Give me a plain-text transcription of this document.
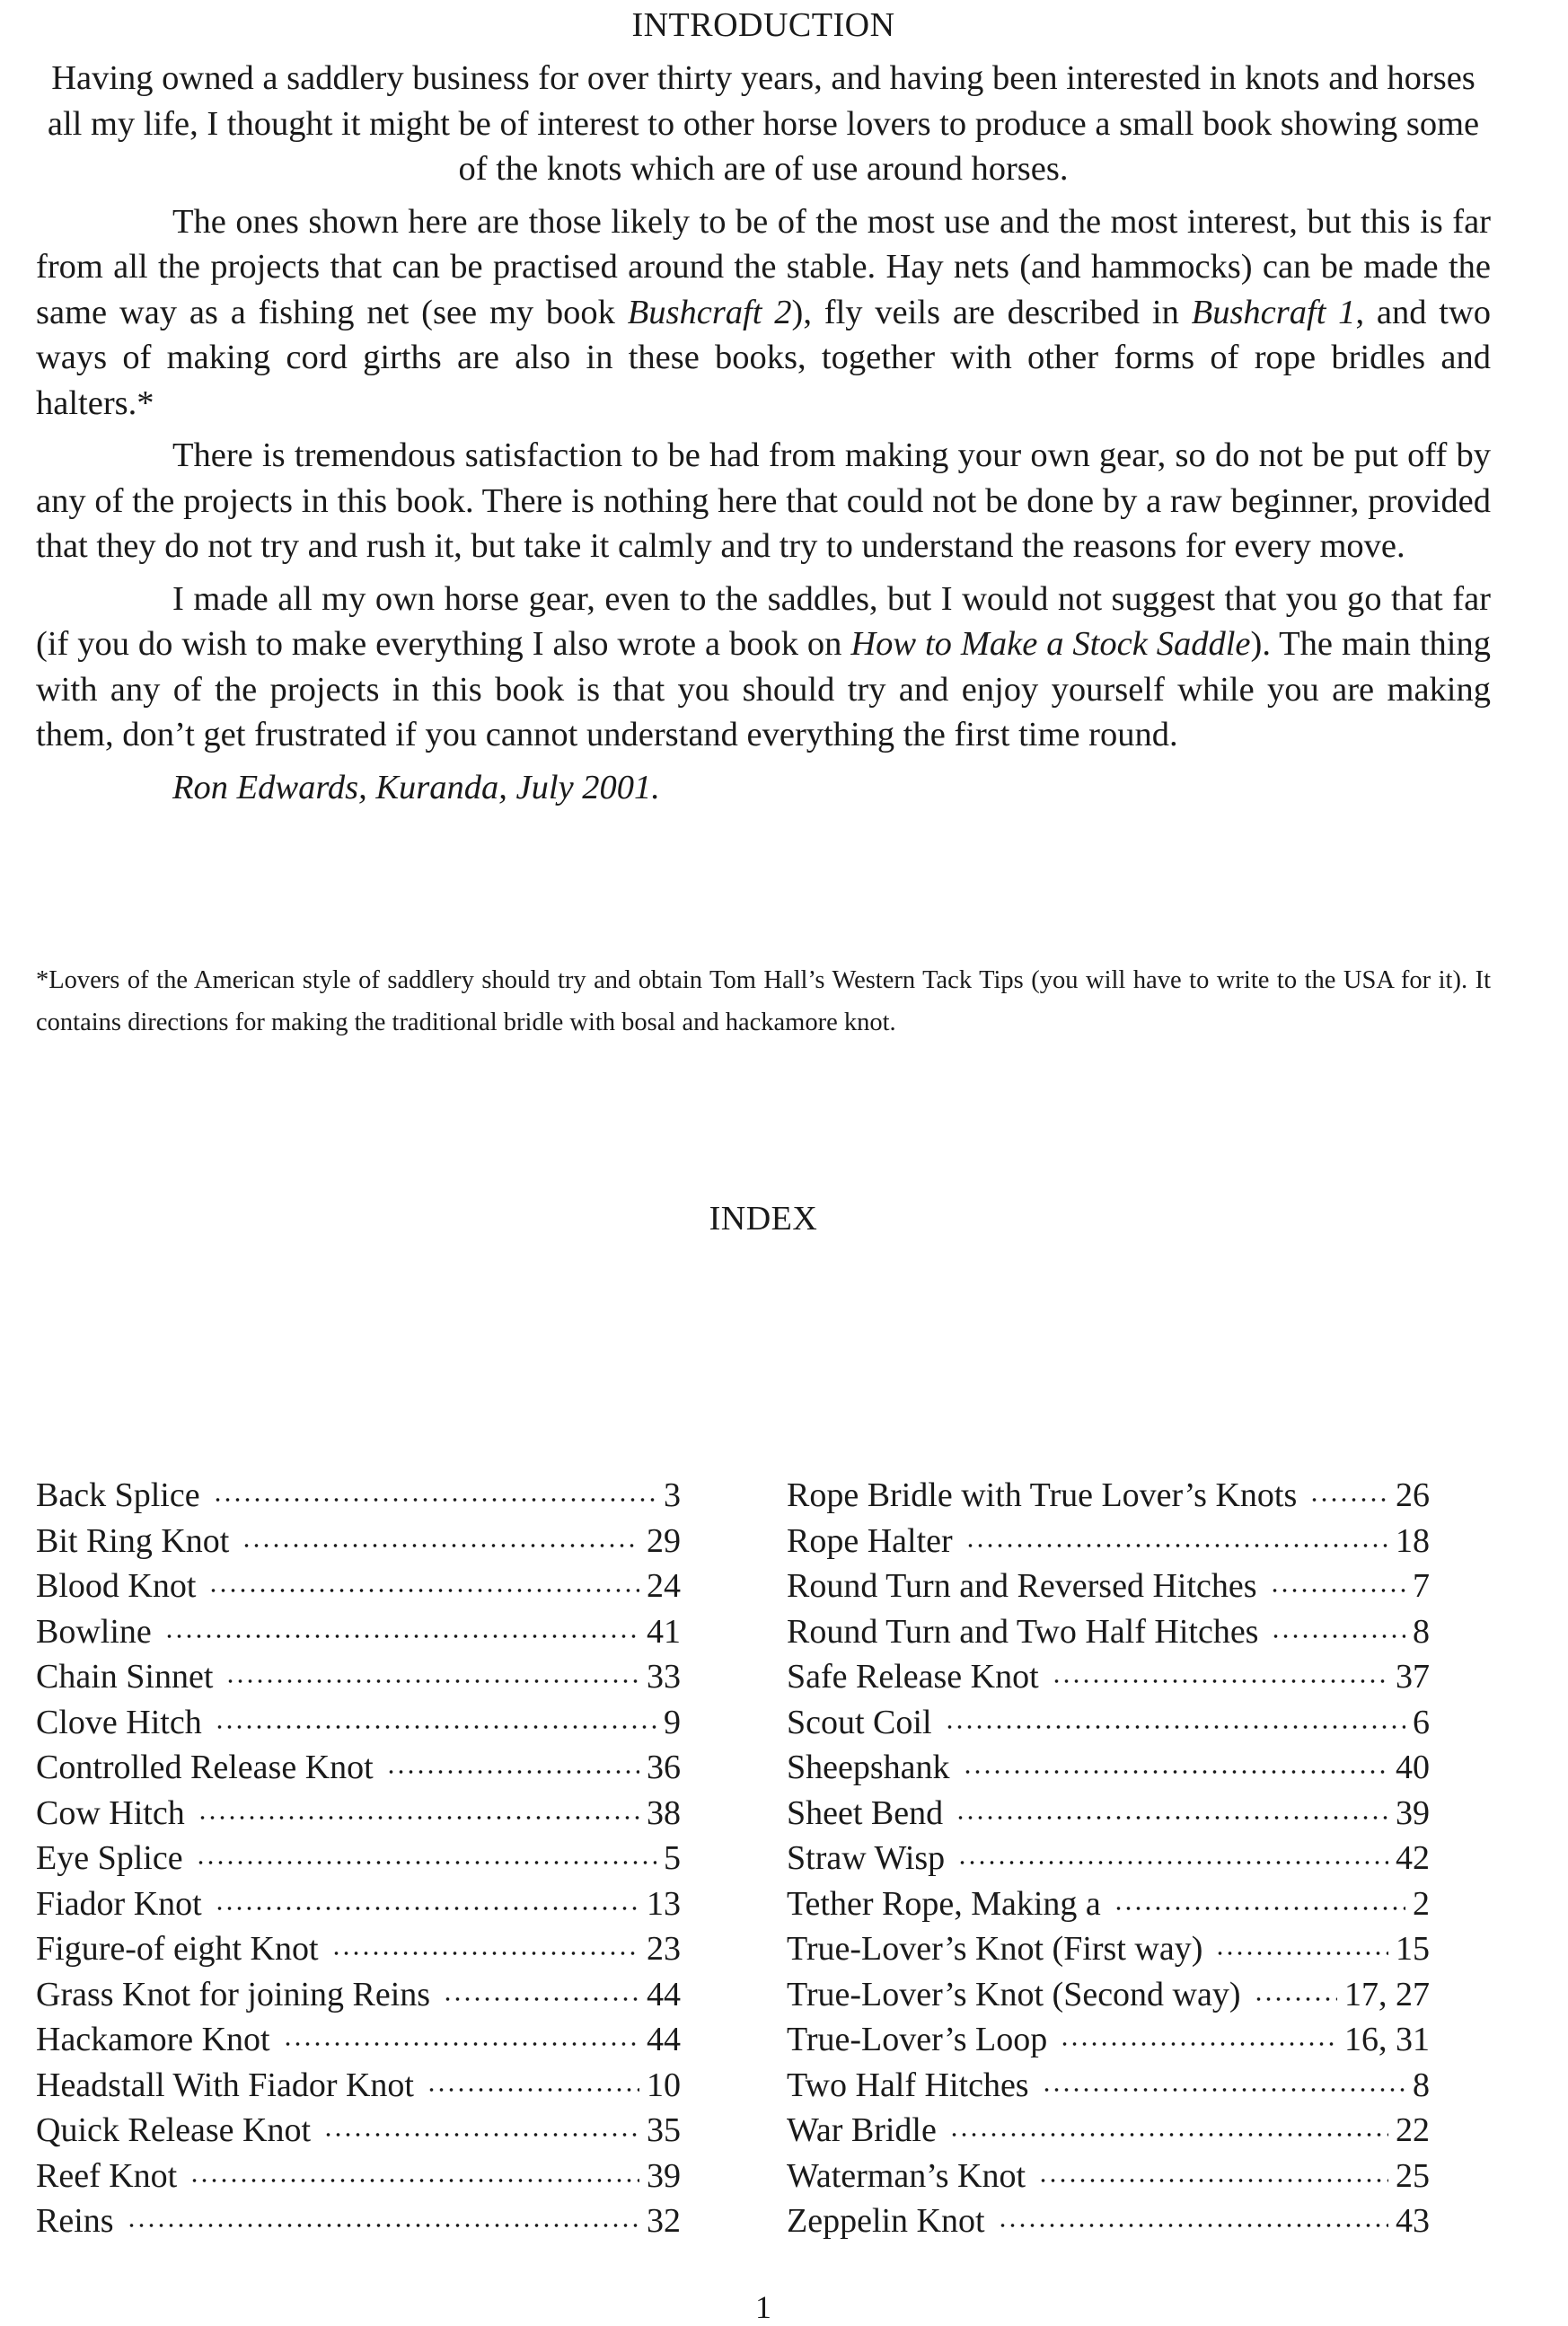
INTRODUCTION

Having owned a saddlery business for over thirty years, and having been interested in knots and horses all my life, I thought it might be of interest to other horse lovers to produce a small book showing some of the knots which are of use around horses.

The ones shown here are those likely to be of the most use and the most interest, but this is far from all the projects that can be practised around the stable. Hay nets (and hammocks) can be made the same way as a fishing net (see my book Bushcraft 2), fly veils are described in Bushcraft 1, and two ways of making cord girths are also in these books, together with other forms of rope bridles and halters.*

There is tremendous satisfaction to be had from making your own gear, so do not be put off by any of the projects in this book. There is nothing here that could not be done by a raw beginner, provided that they do not try and rush it, but take it calmly and try to understand the reasons for every move.

I made all my own horse gear, even to the saddles, but I would not suggest that you go that far (if you do wish to make everything I also wrote a book on How to Make a Stock Saddle). The main thing with any of the projects in this book is that you should try and enjoy yourself while you are making them, don’t get frustrated if you cannot understand everything the first time round.

Ron Edwards, Kuranda, July 2001.
*Lovers of the American style of saddlery should try and obtain Tom Hall’s Western Tack Tips (you will have to write to the USA for it). It contains directions for making the traditional bridle with bosal and hackamore knot.
INDEX
Back Splice	3
Bit Ring Knot	29
Blood Knot	24
Bowline	41
Chain Sinnet	33
Clove Hitch	9
Controlled Release Knot	36
Cow Hitch	38
Eye Splice	5
Fiador Knot	13
Figure-of eight Knot	23
Grass Knot for joining Reins	44
Hackamore Knot	44
Headstall With Fiador Knot	10
Quick Release Knot	35
Reef Knot	39
Reins	32
Rope Bridle with True Lover’s Knots	26
Rope Halter	18
Round Turn and Reversed Hitches	7
Round Turn and Two Half Hitches	8
Safe Release Knot	37
Scout Coil	6
Sheepshank	40
Sheet Bend	39
Straw Wisp	42
Tether Rope, Making a	2
True-Lover’s Knot (First way)	15
True-Lover’s Knot (Second way)	17, 27
True-Lover’s Loop	16, 31
Two Half Hitches	8
War Bridle	22
Waterman’s Knot	25
Zeppelin Knot	43
1
